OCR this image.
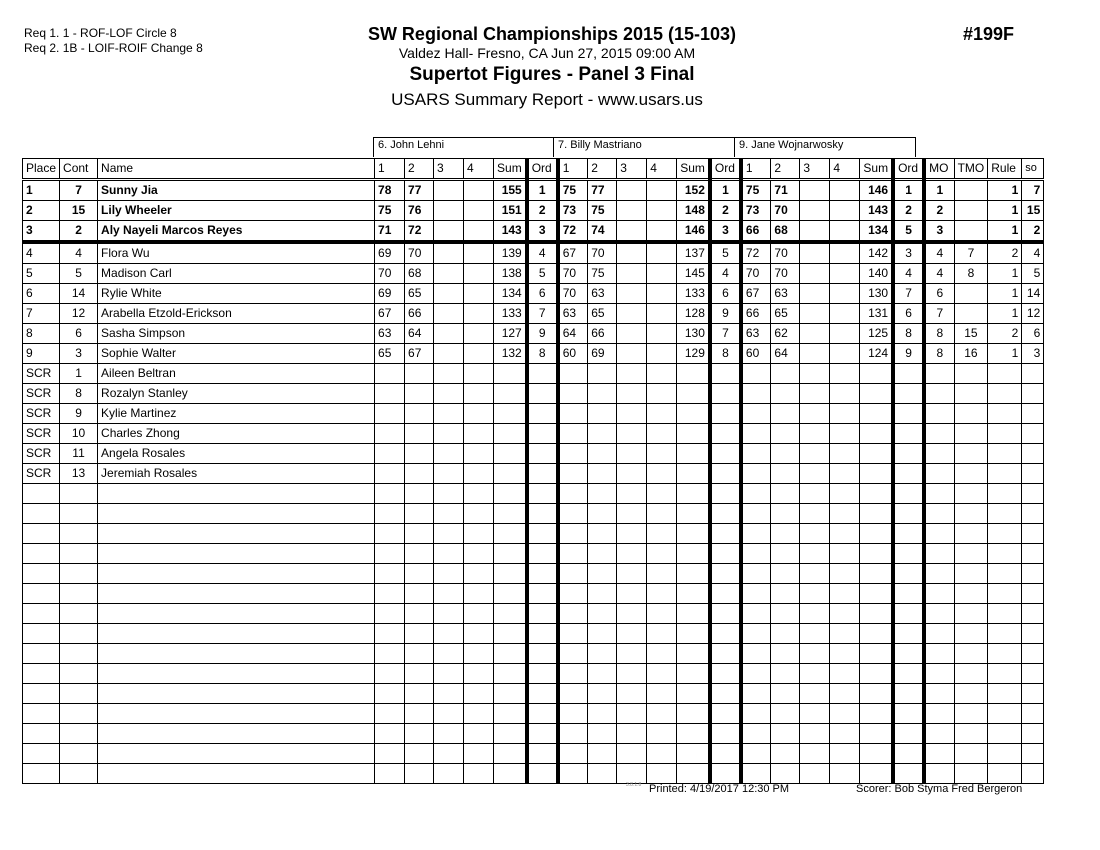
Req 1. 1 - ROF-LOF Circle 8
Req 2. 1B - LOIF-ROIF Change 8
SW Regional Championships 2015 (15-103)
Valdez Hall- Fresno, CA Jun 27, 2015 09:00 AM
Supertot Figures - Panel 3 Final
USARS Summary Report - www.usars.us
#199F
6. John Lehni	7. Billy Mastriano	9. Jane Wojnarwosky
Place	Cont	Name	1	2	3	4	Sum	Ord	1	2	3	4	Sum	Ord	1	2	3	4	Sum	Ord	MO	TMO	Rule	so
1	7	Sunny Jia	78	77			155	1	75	77			152	1	75	71			146	1	1		1	7
2	15	Lily Wheeler	75	76			151	2	73	75			148	2	73	70			143	2	2		1	15
3	2	Aly Nayeli Marcos Reyes	71	72			143	3	72	74			146	3	66	68			134	5	3		1	2
4	4	Flora Wu	69	70			139	4	67	70			137	5	72	70			142	3	4	7	2	4
5	5	Madison Carl	70	68			138	5	70	75			145	4	70	70			140	4	4	8	1	5
6	14	Rylie White	69	65			134	6	70	63			133	6	67	63			130	7	6		1	14
7	12	Arabella Etzold-Erickson	67	66			133	7	63	65			128	9	66	65			131	6	7		1	12
8	6	Sasha Simpson	63	64			127	9	64	66			130	7	63	62			125	8	8	15	2	6
9	3	Sophie Walter	65	67			132	8	60	69			129	8	60	64			124	9	8	16	1	3
SCR	1	Aileen Beltran																						
SCR	8	Rozalyn Stanley																						
SCR	9	Kylie Martinez																						
SCR	10	Charles Zhong																						
SCR	11	Angela Rosales																						
SCR	13	Jeremiah Rosales																						

3.8.1.8 Printed: 4/19/2017 12:30 PM	Scorer: Bob Styma Fred Bergeron
